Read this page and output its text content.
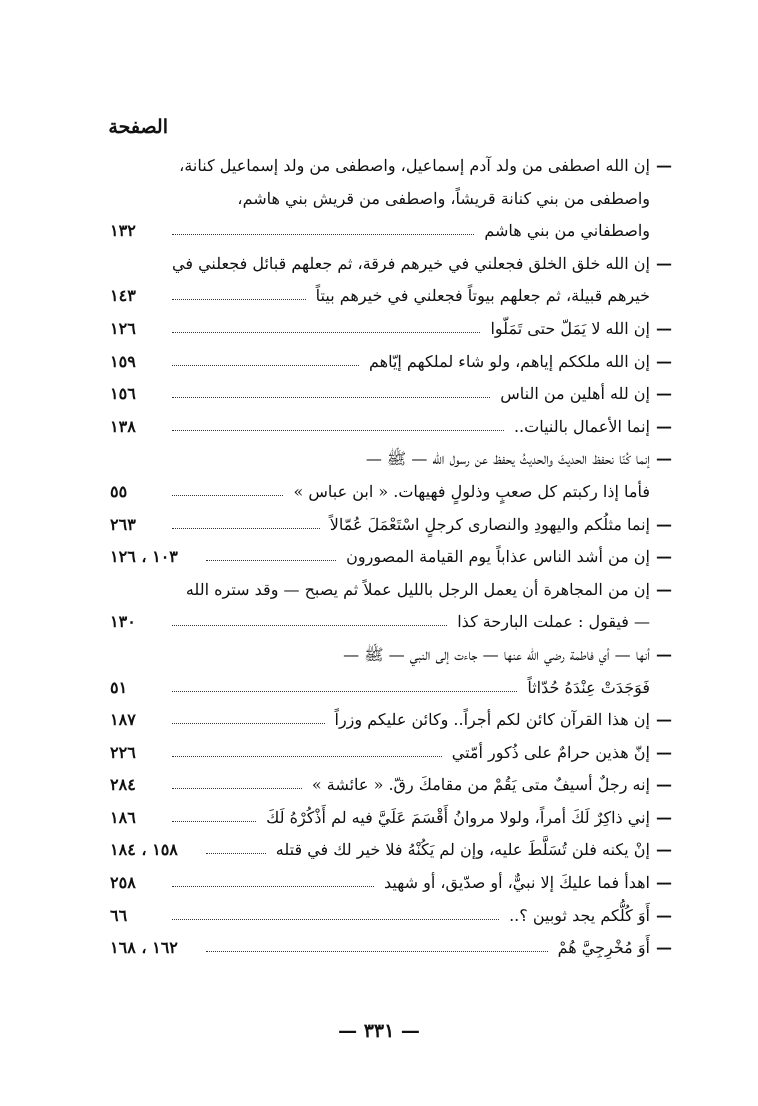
الصفحة
—
إن الله اصطفى من ولد آدم إسماعيل، واصطفى من ولد إسماعيل كنانة،
واصطفى من بني كنانة قريشاً، واصطفى من قريش بني هاشم،
واصطفاني من بني هاشم
١٣٢
—
إن الله خلق الخلق فجعلني في خيرهم فرقة، ثم جعلهم قبائل فجعلني في
خيرهم قبيلة، ثم جعلهم بيوتاً فجعلني في خيرهم بيتاً
١٤٣
—
إن الله لا يَمَلّ حتى تَمَلّوا
١٢٦
—
إن الله ملككم إياهم، ولو شاء لملكهم إيّاهم
١٥٩
—
إن لله أهلين من الناس
١٥٦
—
إنما الأعمال بالنيات..
١٣٨
—
إنما كُنّا نحفظ الحديثَ والحديثُ يحفظ عن رسول الله — ﷺ —
فأما إذا ركبتم كل صعبٍ وذلولٍ فهيهات. « ابن عباس »
٥٥
—
إنما مثلُكم واليهودِ والنصارى كرجلٍ اسْتَعْمَلَ عُمّالاً
٢٦٣
—
إن من أشد الناس عذاباً يوم القيامة المصورون
١٠٣ ، ١٢٦
—
إن من المجاهرة أن يعمل الرجل بالليل عملاً ثم يصبح — وقد ستره الله
— فيقول : عملت البارحة كذا
١٣٠
—
أنها — أي فاطمة رضي الله عنها — جاءت إلى النبي — ﷺ —
فَوَجَدَتْ عِنْدَهُ حُدّاثاً
٥١
—
إن هذا القرآن كائن لكم أجراً.. وكائن عليكم وزراً
١٨٧
—
إنّ هذين حرامٌ على ذُكور أمّتي
٢٢٦
—
إنه رجلٌ أسيفٌ متى يَقُمْ من مقامكَ رقّ. « عائشة »
٢٨٤
—
إني ذاكِرٌ لَكَ أمراً، ولولا مروانُ أَقْسَمَ عَلَيَّ فيه لم أَذْكُرْهُ لَكَ
١٨٦
—
إنْ يكنه فلن تُسَلَّطَ عليه، وإن لم يَكُنْهُ فلا خير لك في قتله
١٥٨ ، ١٨٤
—
اهدأ فما عليكَ إلا نبيٌّ، أو صدّيق، أو شهيد
٢٥٨
—
أَوَ كُلُّكم يجد ثوبين ؟..
٦٦
—
أَوَ مُخْرِجِيَّ هُمْ
١٦٢ ، ١٦٨
— ٣٣١ —
